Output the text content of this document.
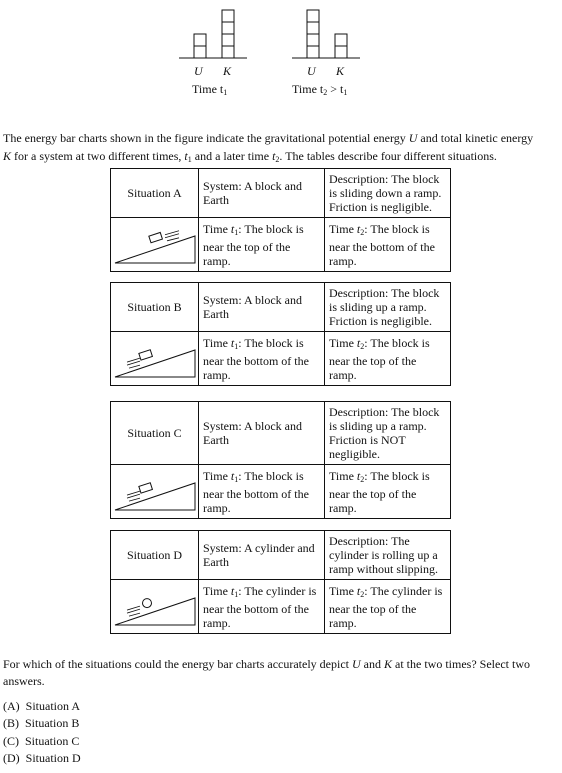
U K	U K
Time $t_1$	Time $t_2 > t_1$
The energy bar charts shown in the figure indicate the gravitational potential energy U and total kinetic energy
K for a system at two different times, $t_1$ and a later time $t_2$. The tables describe four different situations.
Situation A	System: A block and Earth	Description: The block is sliding down a ramp. Friction is negligible.

	Time $t_1$: The block is near the top of the ramp.	Time $t_2$: The block is near the bottom of the ramp.
Situation B	System: A block and Earth	Description: The block is sliding up a ramp. Friction is negligible.

	Time $t_1$: The block is near the bottom of the ramp.	Time $t_2$: The block is near the top of the ramp.
Situation C	System: A block and Earth	Description: The block is sliding up a ramp. Friction is NOT negligible.

	Time $t_1$: The block is near the bottom of the ramp.	Time $t_2$: The block is near the top of the ramp.
Situation D	System: A cylinder and Earth	Description: The cylinder is rolling up a ramp without slipping.

	Time $t_1$: The cylinder is near the bottom of the ramp.	Time $t_2$: The cylinder is near the top of the ramp.
For which of the situations could the energy bar charts accurately depict U and K at the two times? Select two answers.
(A) Situation A
(B) Situation B
(C) Situation C
(D) Situation D
